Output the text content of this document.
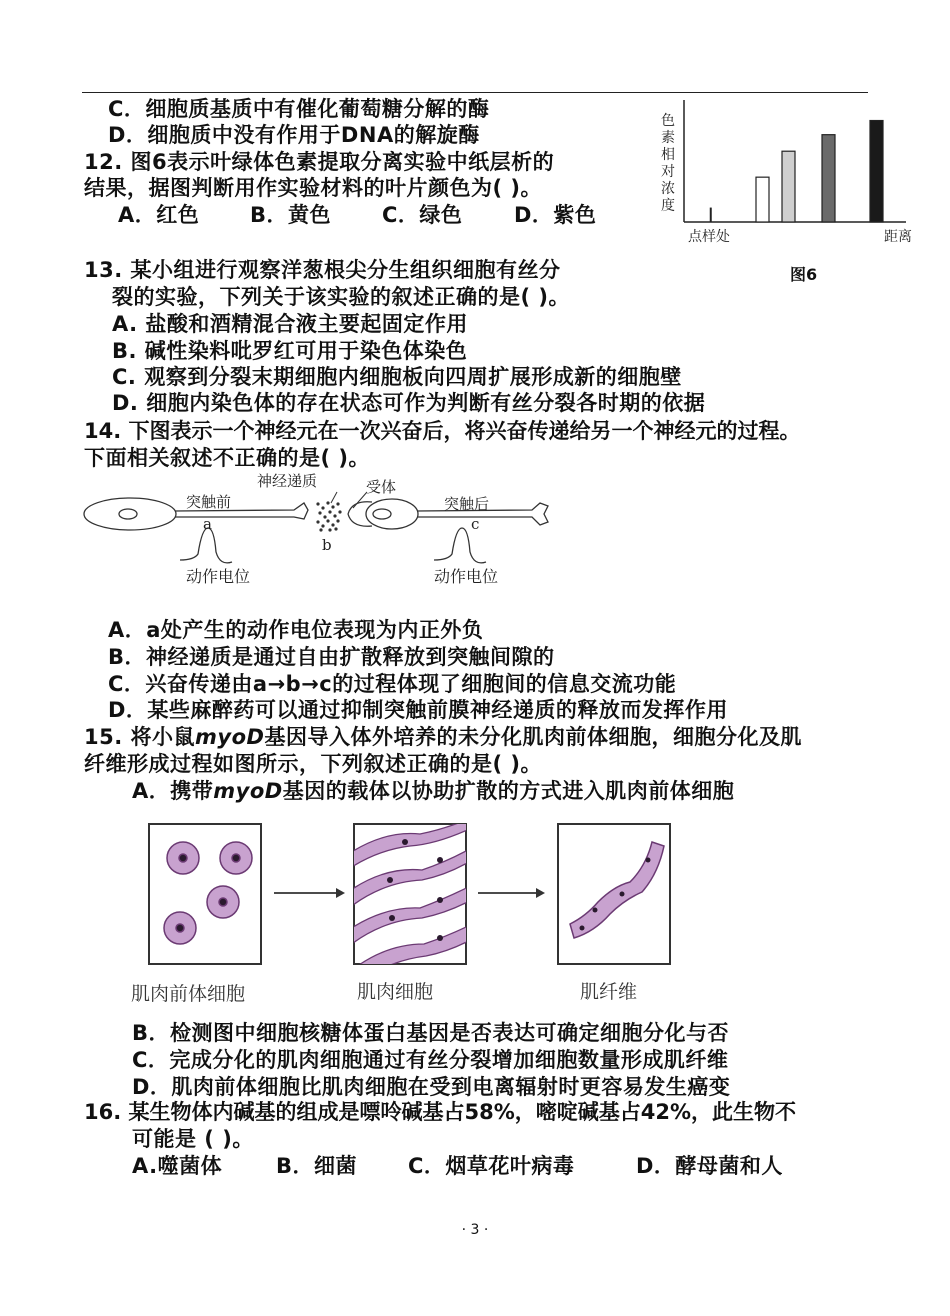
C．细胞质基质中有催化葡萄糖分解的酶
D．细胞质中没有作用于DNA的解旋酶
12. 图6表示叶绿体色素提取分离实验中纸层析的
结果，据图判断用作实验材料的叶片颜色为( )。
A．红色 B．黄色 C．绿色 D．紫色
色素相对浓度
点样处	距离
图6
13. 某小组进行观察洋葱根尖分生组织细胞有丝分
裂的实验，下列关于该实验的叙述正确的是( )。
A. 盐酸和酒精混合液主要起固定作用
B. 碱性染料吡罗红可用于染色体染色
C. 观察到分裂末期细胞内细胞板向四周扩展形成新的细胞壁
D. 细胞内染色体的存在状态可作为判断有丝分裂各时期的依据
14. 下图表示一个神经元在一次兴奋后，将兴奋传递给另一个神经元的过程。
下面相关叙述不正确的是( )。
神经递质	受体
突触前	突触后
a
b
c
动作电位	动作电位
A．a处产生的动作电位表现为内正外负
B．神经递质是通过自由扩散释放到突触间隙的
C．兴奋传递由a→b→c的过程体现了细胞间的信息交流功能
D．某些麻醉药可以通过抑制突触前膜神经递质的释放而发挥作用
15. 将小鼠myoD基因导入体外培养的未分化肌肉前体细胞，细胞分化及肌
纤维形成过程如图所示，下列叙述正确的是( )。
A．携带myoD基因的载体以协助扩散的方式进入肌肉前体细胞
肌肉前体细胞	肌肉细胞	肌纤维
B．检测图中细胞核糖体蛋白基因是否表达可确定细胞分化与否
C．完成分化的肌肉细胞通过有丝分裂增加细胞数量形成肌纤维
D．肌肉前体细胞比肌肉细胞在受到电离辐射时更容易发生癌变
16. 某生物体内碱基的组成是嘌呤碱基占58%，嘧啶碱基占42%，此生物不
可能是 ( )。
A.噬菌体	B．细菌 C．烟草花叶病毒	D．酵母菌和人
· 3 ·
